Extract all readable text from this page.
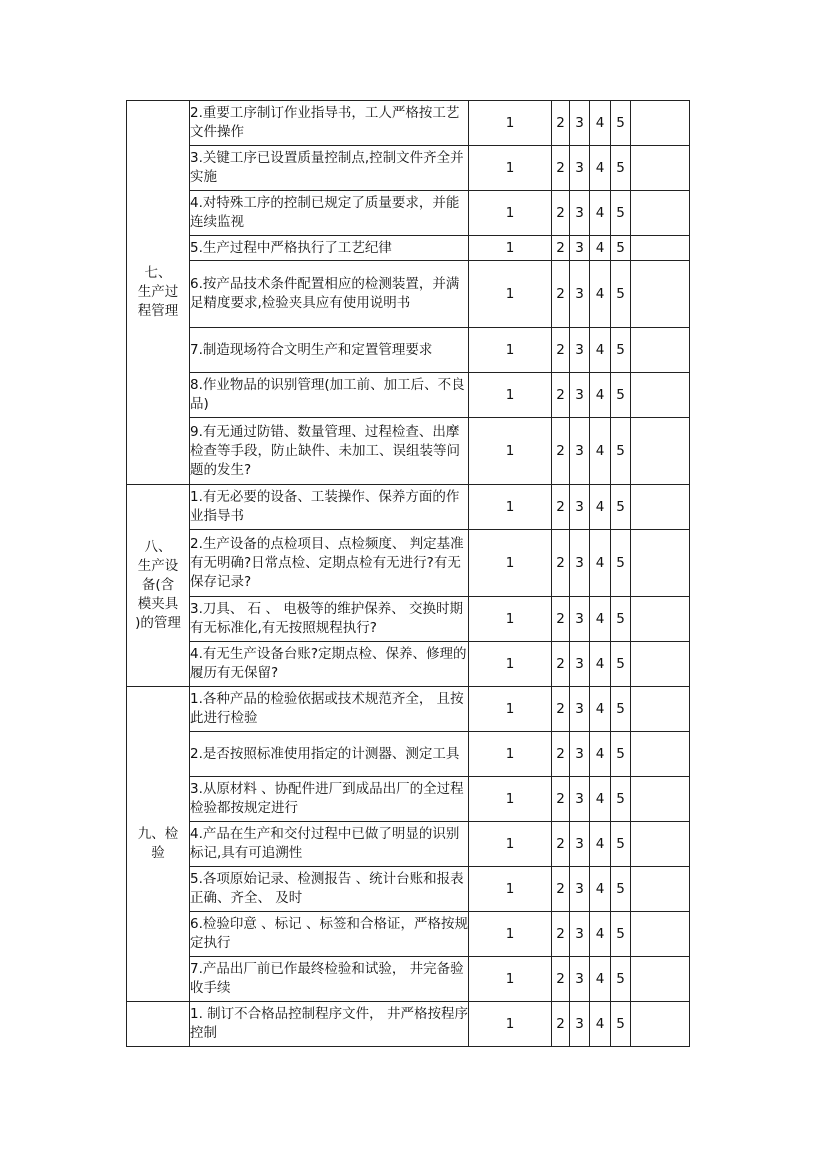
七、
生产过
程管理	2.重要工序制订作业指导书，工人严格按工艺文件操作	1	2	3	4	5	
	3.关键工序已设置质量控制点,控制文件齐全并实施	1	2	3	4	5	
	4.对特殊工序的控制已规定了质量要求，并能连续监视	1	2	3	4	5	
	5.生产过程中严格执行了工艺纪律	1	2	3	4	5	
	6.按产品技术条件配置相应的检测装置，并满足精度要求,检验夹具应有使用说明书	1	2	3	4	5	
	7.制造现场符合文明生产和定置管理要求	1	2	3	4	5	
	8.作业物品的识别管理(加工前、加工后、不良品)	1	2	3	4	5	
	9.有无通过防错、数量管理、过程检查、出摩检查等手段，防止缺件、未加工、误组装等问题的发生?	1	2	3	4	5	
八、
生产设
备(含
模夹具
)的管理	1.有无必要的设备、工装操作、保养方面的作业指导书	1	2	3	4	5	
	2.生产设备的点检项目、点检频度、 判定基准有无明确?日常点检、定期点检有无进行?有无保存记录?	1	2	3	4	5	
	3.刀具、 石 、 电极等的维护保养、 交换时期有无标准化,有无按照规程执行?	1	2	3	4	5	
	4.有无生产设备台账?定期点检、保养、修理的履历有无保留?	1	2	3	4	5	
九、检
验	1.各种产品的检验依据或技术规范齐全， 且按此进行检验	1	2	3	4	5	
	2.是否按照标准使用指定的计测器、测定工具	1	2	3	4	5	
	3.从原材料 、协配件进厂到成品出厂的全过程检验都按规定进行	1	2	3	4	5	
	4.产品在生产和交付过程中已做了明显的识别标记,具有可追溯性	1	2	3	4	5	
	5.各项原始记录、检测报告 、统计台账和报表正确、齐全、 及时	1	2	3	4	5	
	6.检验印意 、标记 、标签和合格证，严格按规定执行	1	2	3	4	5	
	7.产品出厂前已作最终检验和试验， 井完备验收手续	1	2	3	4	5	
	1. 制订不合格品控制程序文件， 井严格按程序控制	1	2	3	4	5	
